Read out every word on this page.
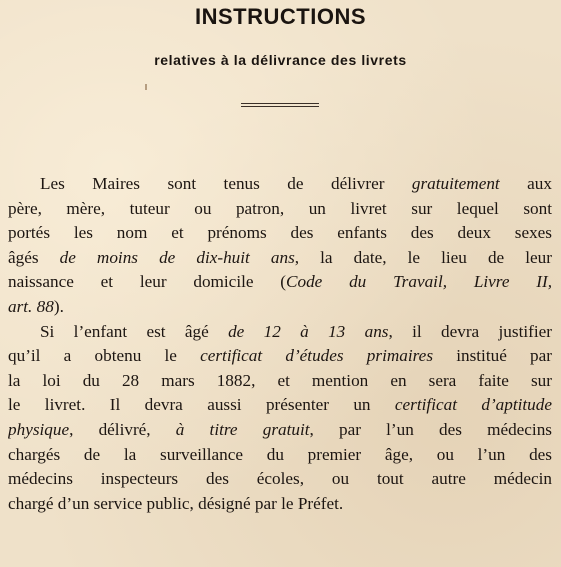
INSTRUCTIONS
relatives à la délivrance des livrets
Les Maires sont tenus de délivrer gratuitement aux
père, mère, tuteur ou patron, un livret sur lequel sont
portés les nom et prénoms des enfants des deux sexes
âgés de moins de dix-huit ans, la date, le lieu de leur
naissance et leur domicile (Code du Travail, Livre II,
art. 88).
Si l’enfant est âgé de 12 à 13 ans, il devra justifier
qu’il a obtenu le certificat d’études primaires institué par
la loi du 28 mars 1882, et mention en sera faite sur
le livret. Il devra aussi présenter un certificat d’aptitude
physique, délivré, à titre gratuit, par l’un des médecins
chargés de la surveillance du premier âge, ou l’un des
médecins inspecteurs des écoles, ou tout autre médecin
chargé d’un service public, désigné par le Préfet.
